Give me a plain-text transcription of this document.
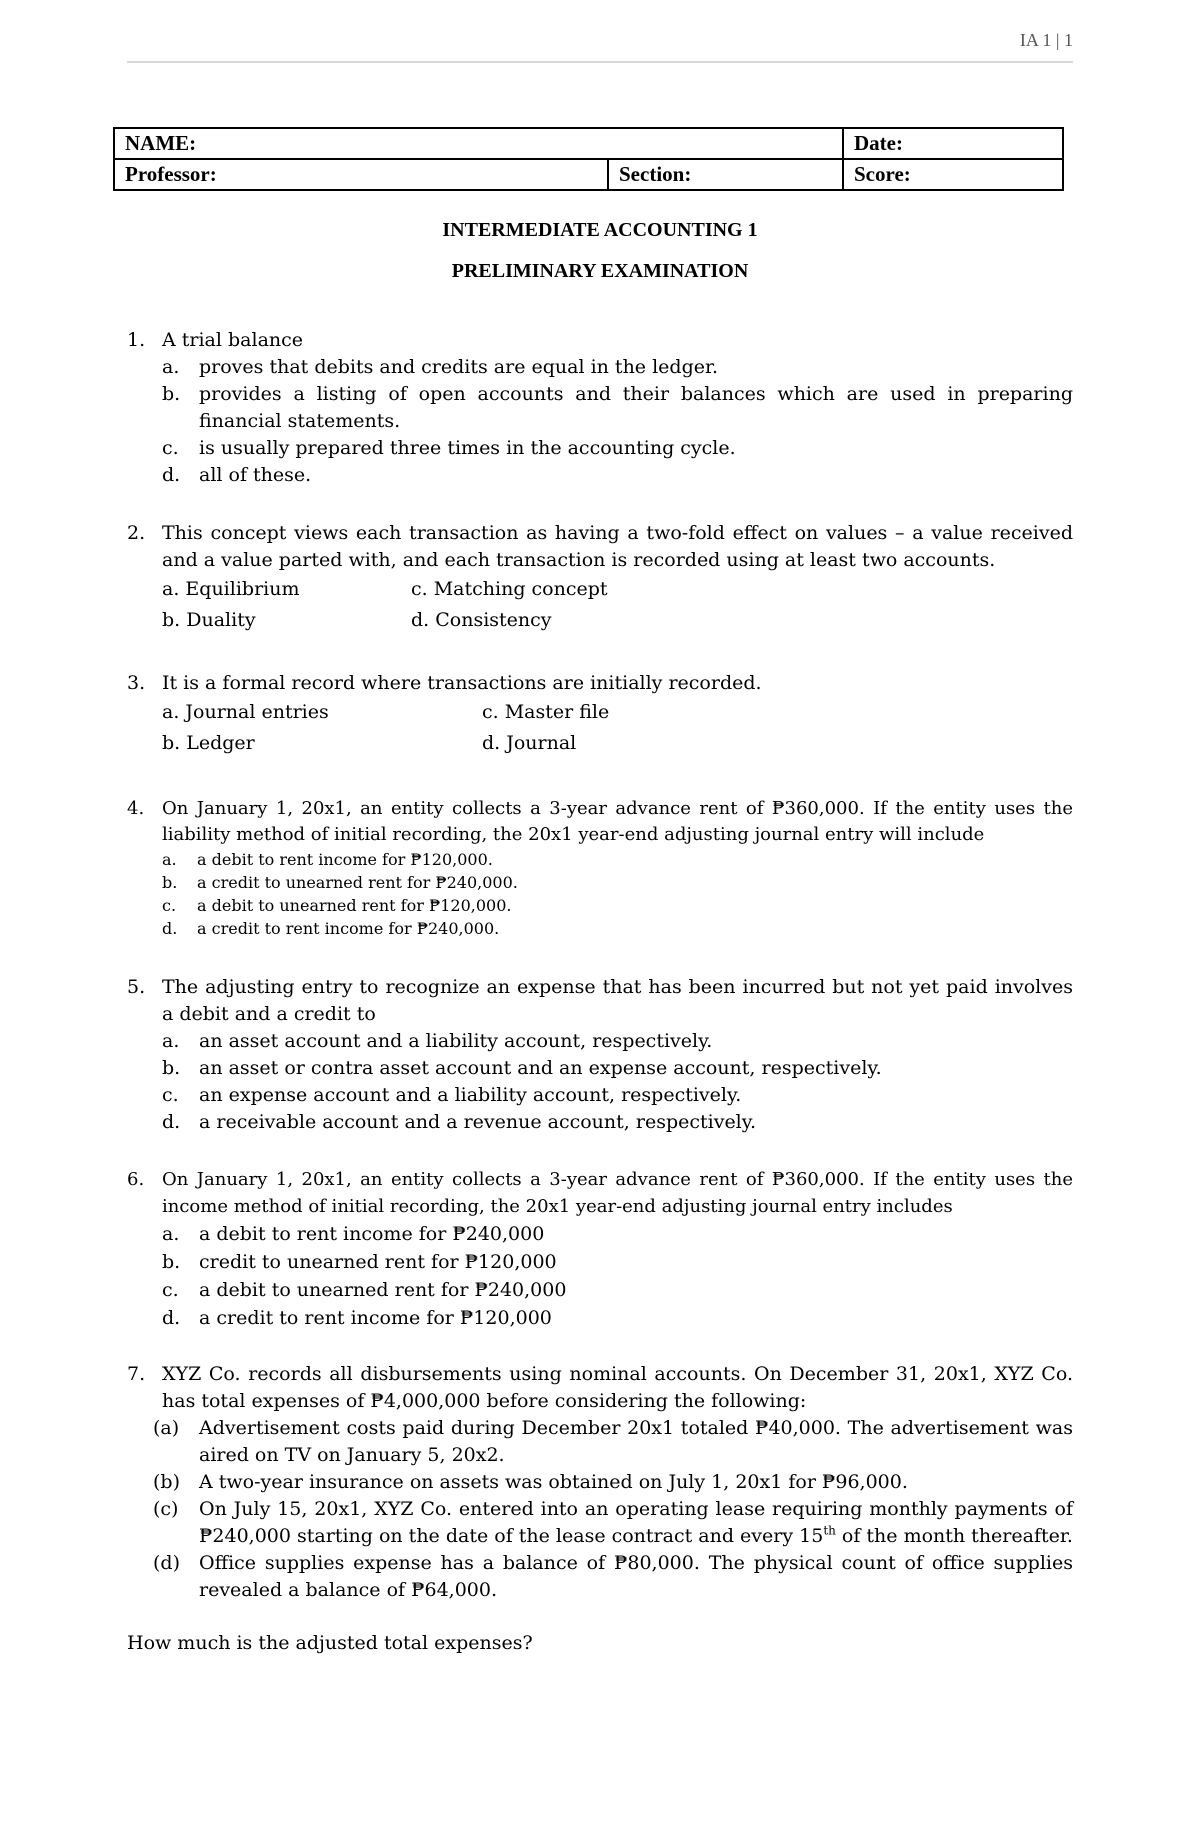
IA 1 | 1
NAME:		Date:
Professor:	Section:	Score:
INTERMEDIATE ACCOUNTING 1
PRELIMINARY EXAMINATION
1. A trial balance
a. proves that debits and credits are equal in the ledger.
b. provides a listing of open accounts and their balances which are used in preparing financial statements.
c. is usually prepared three times in the accounting cycle.
d. all of these.
2. This concept views each transaction as having a two-fold effect on values – a value received and a value parted with, and each transaction is recorded using at least two accounts.
a. Equilibrium	c. Matching concept
b. Duality	d. Consistency
3. It is a formal record where transactions are initially recorded.
a. Journal entries	c. Master file
b. Ledger	d. Journal
4. On January 1, 20x1, an entity collects a 3-year advance rent of ₱360,000. If the entity uses the liability method of initial recording, the 20x1 year-end adjusting journal entry will include
a. a debit to rent income for ₱120,000.
b. a credit to unearned rent for ₱240,000.
c. a debit to unearned rent for ₱120,000.
d. a credit to rent income for ₱240,000.
5. The adjusting entry to recognize an expense that has been incurred but not yet paid involves a debit and a credit to
a. an asset account and a liability account, respectively.
b. an asset or contra asset account and an expense account, respectively.
c. an expense account and a liability account, respectively.
d. a receivable account and a revenue account, respectively.
6. On January 1, 20x1, an entity collects a 3-year advance rent of ₱360,000. If the entity uses the income method of initial recording, the 20x1 year-end adjusting journal entry includes
a. a debit to rent income for ₱240,000
b. credit to unearned rent for ₱120,000
c. a debit to unearned rent for ₱240,000
d. a credit to rent income for ₱120,000
7. XYZ Co. records all disbursements using nominal accounts. On December 31, 20x1, XYZ Co. has total expenses of ₱4,000,000 before considering the following:
(a) Advertisement costs paid during December 20x1 totaled ₱40,000. The advertisement was aired on TV on January 5, 20x2.
(b) A two-year insurance on assets was obtained on July 1, 20x1 for ₱96,000.
(c) On July 15, 20x1, XYZ Co. entered into an operating lease requiring monthly payments of ₱240,000 starting on the date of the lease contract and every 15th of the month thereafter.
(d) Office supplies expense has a balance of ₱80,000. The physical count of office supplies revealed a balance of ₱64,000.
How much is the adjusted total expenses?
